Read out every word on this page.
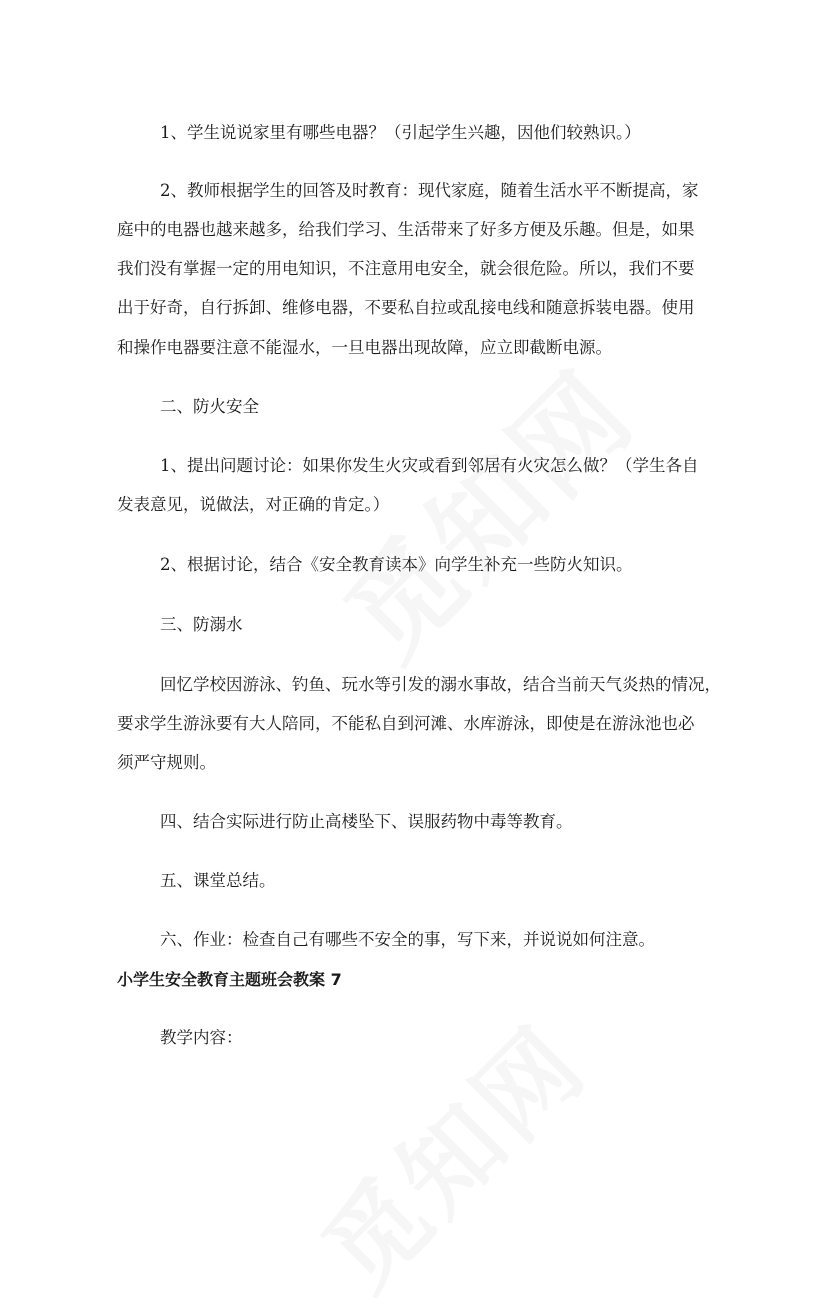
1、学生说说家里有哪些电器？（引起学生兴趣，因他们较熟识。）
2、教师根据学生的回答及时教育：现代家庭，随着生活水平不断提高，家
庭中的电器也越来越多，给我们学习、生活带来了好多方便及乐趣。但是，如果
我们没有掌握一定的用电知识，不注意用电安全，就会很危险。所以，我们不要
出于好奇，自行拆卸、维修电器，不要私自拉或乱接电线和随意拆装电器。使用
和操作电器要注意不能湿水，一旦电器出现故障，应立即截断电源。
二、防火安全
1、提出问题讨论：如果你发生火灾或看到邻居有火灾怎么做？（学生各自
发表意见，说做法，对正确的肯定。）
2、根据讨论，结合《安全教育读本》向学生补充一些防火知识。
三、防溺水
回忆学校因游泳、钓鱼、玩水等引发的溺水事故，结合当前天气炎热的情况，
要求学生游泳要有大人陪同，不能私自到河滩、水库游泳，即使是在游泳池也必
须严守规则。
四、结合实际进行防止高楼坠下、误服药物中毒等教育。
五、课堂总结。
六、作业：检查自己有哪些不安全的事，写下来，并说说如何注意。
小学生安全教育主题班会教案 7
教学内容：
